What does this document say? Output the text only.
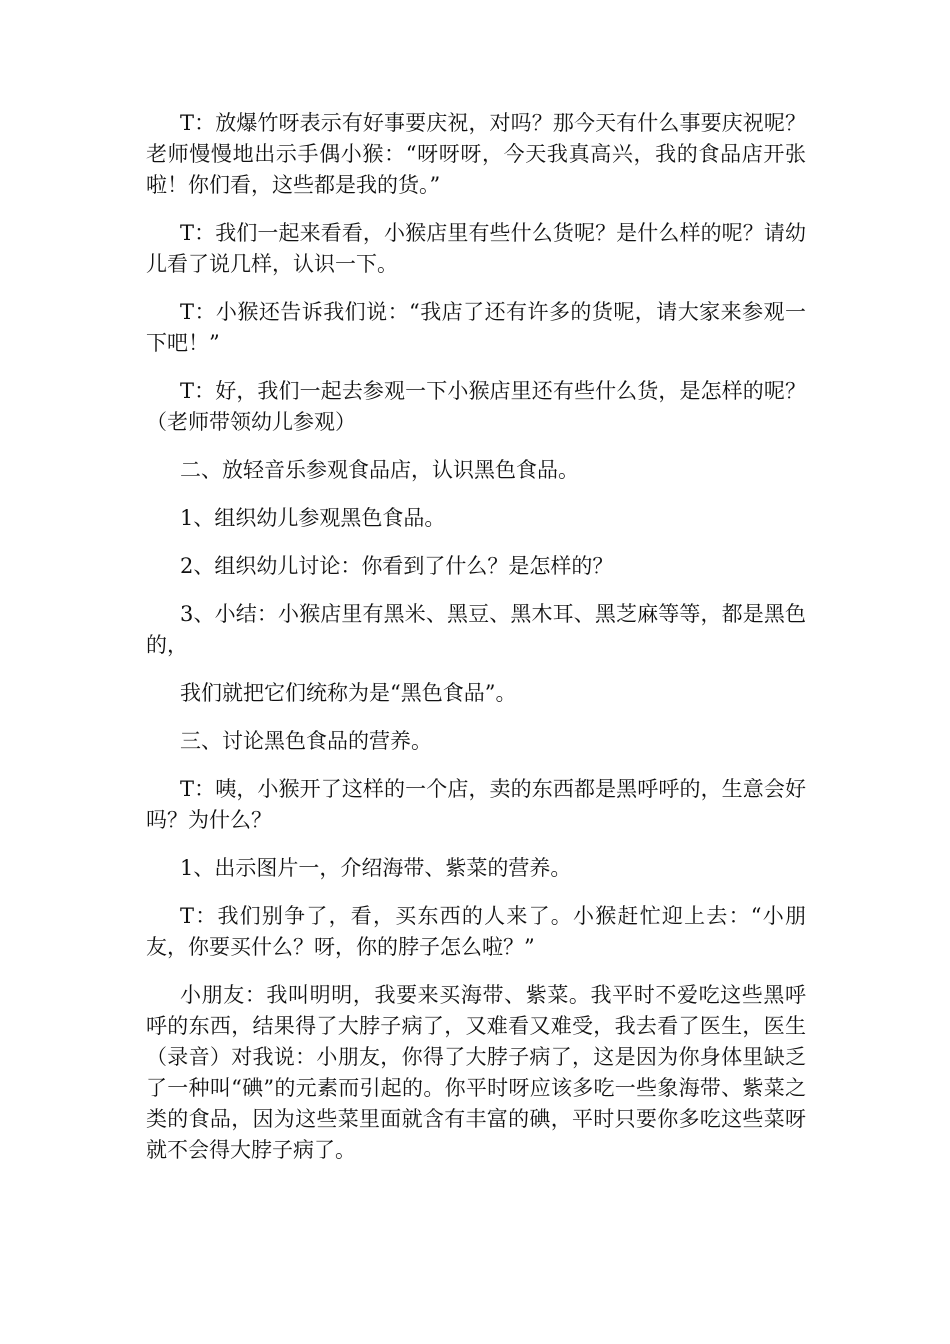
T：放爆竹呀表示有好事要庆祝，对吗？那今天有什么事要庆祝呢？老师慢慢地出示手偶小猴：“呀呀呀，今天我真高兴，我的食品店开张啦！你们看，这些都是我的货。”

T：我们一起来看看，小猴店里有些什么货呢？是什么样的呢？请幼儿看了说几样，认识一下。

T：小猴还告诉我们说：“我店了还有许多的货呢，请大家来参观一下吧！”

T：好，我们一起去参观一下小猴店里还有些什么货，是怎样的呢？（老师带领幼儿参观）

二、放轻音乐参观食品店，认识黑色食品。

1、组织幼儿参观黑色食品。

2、组织幼儿讨论：你看到了什么？是怎样的？

3、小结：小猴店里有黑米、黑豆、黑木耳、黑芝麻等等，都是黑色的，

我们就把它们统称为是“黑色食品”。

三、讨论黑色食品的营养。

T：咦，小猴开了这样的一个店，卖的东西都是黑呼呼的，生意会好吗？为什么？

1、出示图片一，介绍海带、紫菜的营养。

T：我们别争了，看，买东西的人来了。小猴赶忙迎上去：“小朋友，你要买什么？呀，你的脖子怎么啦？”

小朋友：我叫明明，我要来买海带、紫菜。我平时不爱吃这些黑呼呼的东西，结果得了大脖子病了，又难看又难受，我去看了医生，医生（录音）对我说：小朋友，你得了大脖子病了，这是因为你身体里缺乏了一种叫“碘”的元素而引起的。你平时呀应该多吃一些象海带、紫菜之类的食品，因为这些菜里面就含有丰富的碘，平时只要你多吃这些菜呀就不会得大脖子病了。
